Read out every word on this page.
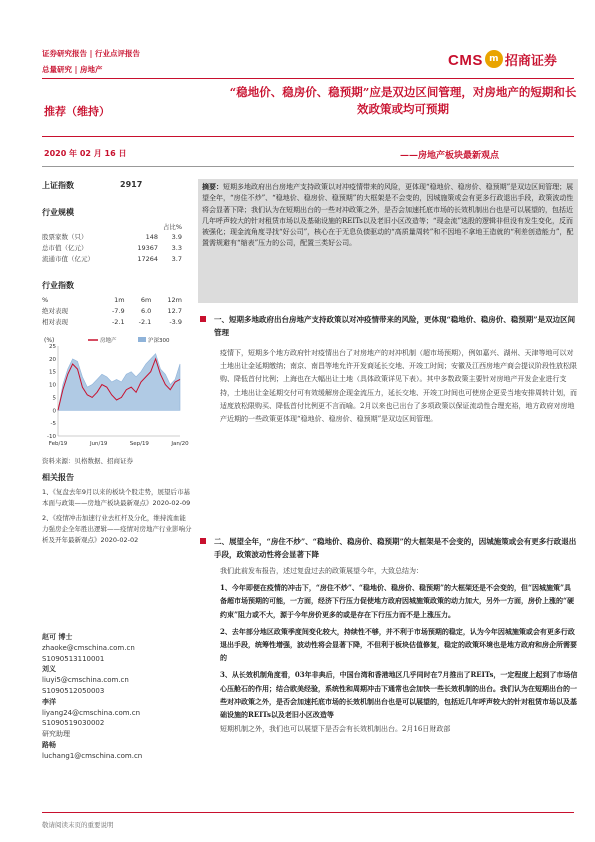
证券研究报告 | 行业点评报告
总量研究 | 房地产
CMS m $^{招商证券}$
推荐（维持）
“稳地价、稳房价、稳预期”应是双边区间管理，对房地产的短期和长效政策或均可预期
2020 年 02 月 16 日	——房地产板块最新观点
上证指数	2917
行业规模
占比%
股票家数（只）	148	3.9
总市值（亿元）	19367	3.3
流通市值（亿元）	17264	3.7
行业指数
%	1m	6m	12m
绝对表现	-7.9	6.0	12.7
相对表现	-2.1	-2.1	-3.9
(%)
25
20
15
10
5
0
-5
-10
Feb/19	Jun/19	Sep/19	Jan/20
房地产	沪深300
资料来源：贝格数据、招商证券
相关报告
1、《复盘去年9月以来的板块个股走势，展望后市基本面与政策——房地产板块最新观点》2020-02-09
2、《疫情冲击加速行业去杠杆及分化，维持流血能力强房企全年胜出逻辑——疫情对房地产行业影响分析及开年最新观点》2020-02-02
赵可 博士
zhaoke@cmschina.com.cn
S1090513110001
刘义
liuyi5@cmschina.com.cn
S1090512050003
李洋
liyang24@cmschina.com.cn
S1090519030002
研究助理
路畅
luchang1@cmschina.com.cn
摘要：短期多地政府出台房地产支持政策以对冲疫情带来的风险，更体现“稳地价、稳房价、稳预期”是双边区间管理；展望全年，“房住不炒”、“稳地价、稳房价、稳预期”的大框架是不会变的，因城施策或会有更多行政退出手段，政策波动性将会显著下降；我们认为在短期出台的一些对冲政策之外，是否会加速托底市场的长效机制出台也是可以展望的，包括近几年呼声较大的针对租赁市场以及基础设施的REITs以及老旧小区改造等；“现金流”选股的逻辑非但没有发生变化，反而被强化；现金流角度寻找“好公司”，核心在于无息负债驱动的“高质量周转”和不因地不拿地王造就的“利差创造能力”，配置需规避有“缩表”压力的公司，配置三类好公司。
一、短期多地政府出台房地产支持政策以对冲疫情带来的风险，更体现“稳地价、稳房价、稳预期”是双边区间管理
疫情下，短期多个地方政府针对疫情出台了对房地产的对冲机制（超市场预期），例如嘉兴、湖州、天津等地可以对土地出让金延期缴纳；南京、南昌等地允许开发商延长交地、开竣工时间；安徽及江西房地产商会提议阶段性放松限购、降低首付比例；上海也在大幅出让土地（具体政策详见下表）。其中多数政策主要针对房地产开发企业进行支持，土地出让金延期交付可有效缓解房企现金流压力，延长交地、开竣工时间也可使房企更妥当地安排周转计划，而适度放松限购买、降低首付比例更不言而喻。2月以来也已出台了多项政策以保证流动性合理充裕，地方政府对房地产近期的一些政策更体现“稳地价、稳房价、稳预期”是双边区间管理。
二、展望全年，“房住不炒”、“稳地价、稳房价、稳预期”的大框架是不会变的，因城施策或会有更多行政退出手段，政策波动性将会显著下降
我们此前发布报告，述过复盘过去的政策展望今年，大致总结为：
1、今年即便在疫情的冲击下，“房住不炒”、“稳地价、稳房价、稳预期”的大框架还是不会变的，但“因城施策”具备超市场预期的可能，一方面，经济下行压力促使地方政府因城施策政策的动力加大，另外一方面，房价上涨的“硬约束”阻力或不大，源于今年房价更多的或是存在下行压力而不是上涨压力。
2、去年部分地区政策季度间变化较大，持续性不够，并不利于市场预期的稳定，认为今年因城施策或会有更多行政退出手段，统筹性增强，波动性将会显著下降，不但利于板块估值修复，稳定的政策环境也是地方政府和房企所需要的
3、从长效机制角度看，03年非典后，中国台湾和香港地区几乎同时在7月推出了REITs，一定程度上起到了市场信心压舱石的作用；结合欧美经验，系统性和周期冲击下通常也会加快一些长效机制的出台。我们认为在短期出台的一些对冲政策之外，是否会加速托底市场的长效机制出台也是可以展望的，包括近几年呼声较大的针对租赁市场以及基础设施的REITs以及老旧小区改造等
短期机制之外，我们也可以展望下是否会有长效机制出台。2月16日财政部
敬请阅读末页的重要说明
